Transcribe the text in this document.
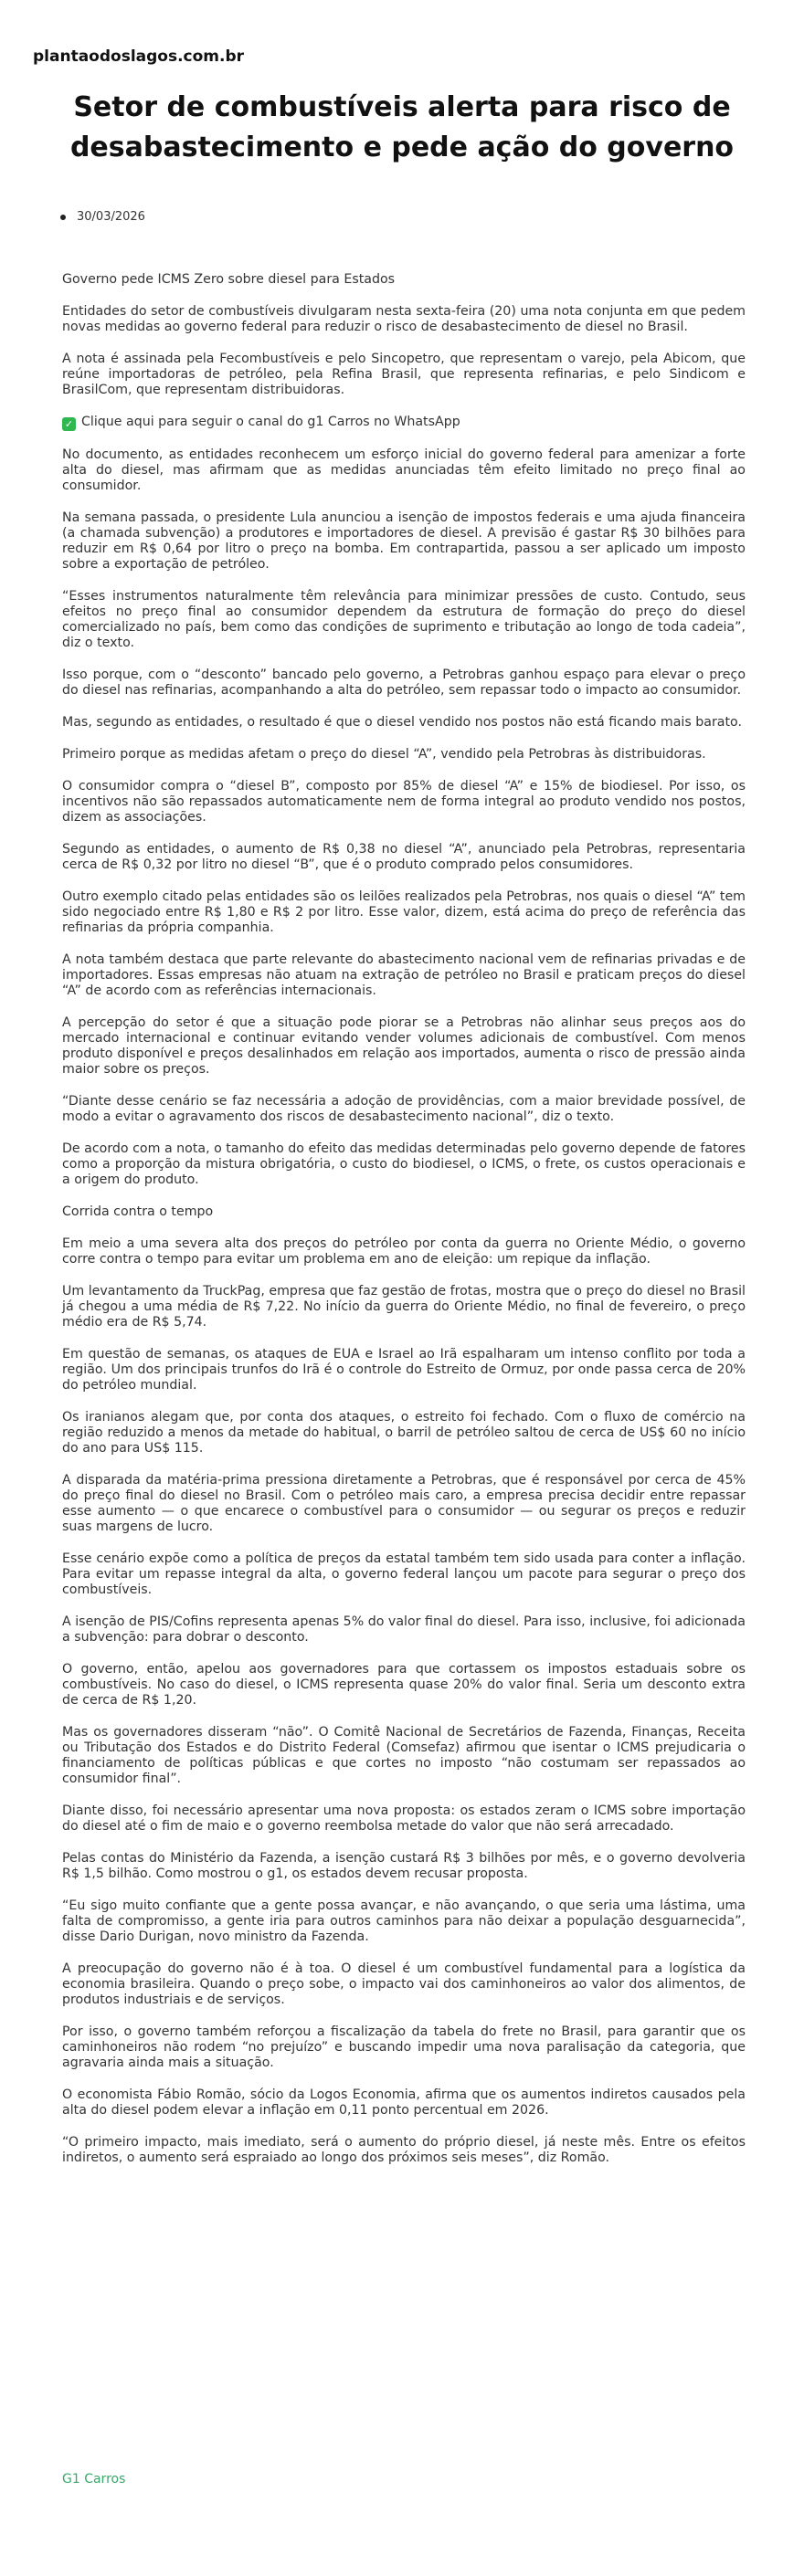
plantaodoslagos.com.br
Setor de combustíveis alerta para risco de desabastecimento e pede ação do governo
30/03/2026

Governo pede ICMS Zero sobre diesel para Estados

Entidades do setor de combustíveis divulgaram nesta sexta-feira (20) uma nota conjunta em que pedem novas medidas ao governo federal para reduzir o risco de desabastecimento de diesel no Brasil.

A nota é assinada pela Fecombustíveis e pelo Sincopetro, que representam o varejo, pela Abicom, que reúne importadoras de petróleo, pela Refina Brasil, que representa refinarias, e pelo Sindicom e BrasilCom, que representam distribuidoras.

✓ Clique aqui para seguir o canal do g1 Carros no WhatsApp

No documento, as entidades reconhecem um esforço inicial do governo federal para amenizar a forte alta do diesel, mas afirmam que as medidas anunciadas têm efeito limitado no preço final ao consumidor.

Na semana passada, o presidente Lula anunciou a isenção de impostos federais e uma ajuda financeira (a chamada subvenção) a produtores e importadores de diesel. A previsão é gastar R$ 30 bilhões para reduzir em R$ 0,64 por litro o preço na bomba. Em contrapartida, passou a ser aplicado um imposto sobre a exportação de petróleo.

“Esses instrumentos naturalmente têm relevância para minimizar pressões de custo. Contudo, seus efeitos no preço final ao consumidor dependem da estrutura de formação do preço do diesel comercializado no país, bem como das condições de suprimento e tributação ao longo de toda cadeia”, diz o texto.

Isso porque, com o “desconto” bancado pelo governo, a Petrobras ganhou espaço para elevar o preço do diesel nas refinarias, acompanhando a alta do petróleo, sem repassar todo o impacto ao consumidor.

Mas, segundo as entidades, o resultado é que o diesel vendido nos postos não está ficando mais barato.

Primeiro porque as medidas afetam o preço do diesel “A”, vendido pela Petrobras às distribuidoras.

O consumidor compra o “diesel B”, composto por 85% de diesel “A” e 15% de biodiesel. Por isso, os incentivos não são repassados automaticamente nem de forma integral ao produto vendido nos postos, dizem as associações.

Segundo as entidades, o aumento de R$ 0,38 no diesel “A”, anunciado pela Petrobras, representaria cerca de R$ 0,32 por litro no diesel “B”, que é o produto comprado pelos consumidores.

Outro exemplo citado pelas entidades são os leilões realizados pela Petrobras, nos quais o diesel “A” tem sido negociado entre R$ 1,80 e R$ 2 por litro. Esse valor, dizem, está acima do preço de referência das refinarias da própria companhia.

A nota também destaca que parte relevante do abastecimento nacional vem de refinarias privadas e de importadores. Essas empresas não atuam na extração de petróleo no Brasil e praticam preços do diesel “A” de acordo com as referências internacionais.

A percepção do setor é que a situação pode piorar se a Petrobras não alinhar seus preços aos do mercado internacional e continuar evitando vender volumes adicionais de combustível. Com menos produto disponível e preços desalinhados em relação aos importados, aumenta o risco de pressão ainda maior sobre os preços.

“Diante desse cenário se faz necessária a adoção de providências, com a maior brevidade possível, de modo a evitar o agravamento dos riscos de desabastecimento nacional”, diz o texto.

De acordo com a nota, o tamanho do efeito das medidas determinadas pelo governo depende de fatores como a proporção da mistura obrigatória, o custo do biodiesel, o ICMS, o frete, os custos operacionais e a origem do produto.

Corrida contra o tempo

Em meio a uma severa alta dos preços do petróleo por conta da guerra no Oriente Médio, o governo corre contra o tempo para evitar um problema em ano de eleição: um repique da inflação.

Um levantamento da TruckPag, empresa que faz gestão de frotas, mostra que o preço do diesel no Brasil já chegou a uma média de R$ 7,22. No início da guerra do Oriente Médio, no final de fevereiro, o preço médio era de R$ 5,74.

Em questão de semanas, os ataques de EUA e Israel ao Irã espalharam um intenso conflito por toda a região. Um dos principais trunfos do Irã é o controle do Estreito de Ormuz, por onde passa cerca de 20% do petróleo mundial.

Os iranianos alegam que, por conta dos ataques, o estreito foi fechado. Com o fluxo de comércio na região reduzido a menos da metade do habitual, o barril de petróleo saltou de cerca de US$ 60 no início do ano para US$ 115.

A disparada da matéria-prima pressiona diretamente a Petrobras, que é responsável por cerca de 45% do preço final do diesel no Brasil. Com o petróleo mais caro, a empresa precisa decidir entre repassar esse aumento — o que encarece o combustível para o consumidor — ou segurar os preços e reduzir suas margens de lucro.

Esse cenário expõe como a política de preços da estatal também tem sido usada para conter a inflação. Para evitar um repasse integral da alta, o governo federal lançou um pacote para segurar o preço dos combustíveis.

A isenção de PIS/Cofins representa apenas 5% do valor final do diesel. Para isso, inclusive, foi adicionada a subvenção: para dobrar o desconto.

O governo, então, apelou aos governadores para que cortassem os impostos estaduais sobre os combustíveis. No caso do diesel, o ICMS representa quase 20% do valor final. Seria um desconto extra de cerca de R$ 1,20.

Mas os governadores disseram “não”. O Comitê Nacional de Secretários de Fazenda, Finanças, Receita ou Tributação dos Estados e do Distrito Federal (Comsefaz) afirmou que isentar o ICMS prejudicaria o financiamento de políticas públicas e que cortes no imposto “não costumam ser repassados ao consumidor final”.

Diante disso, foi necessário apresentar uma nova proposta: os estados zeram o ICMS sobre importação do diesel até o fim de maio e o governo reembolsa metade do valor que não será arrecadado.

Pelas contas do Ministério da Fazenda, a isenção custará R$ 3 bilhões por mês, e o governo devolveria R$ 1,5 bilhão. Como mostrou o g1, os estados devem recusar proposta.

“Eu sigo muito confiante que a gente possa avançar, e não avançando, o que seria uma lástima, uma falta de compromisso, a gente iria para outros caminhos para não deixar a população desguarnecida”, disse Dario Durigan, novo ministro da Fazenda.

A preocupação do governo não é à toa. O diesel é um combustível fundamental para a logística da economia brasileira. Quando o preço sobe, o impacto vai dos caminhoneiros ao valor dos alimentos, de produtos industriais e de serviços.

Por isso, o governo também reforçou a fiscalização da tabela do frete no Brasil, para garantir que os caminhoneiros não rodem “no prejuízo” e buscando impedir uma nova paralisação da categoria, que agravaria ainda mais a situação.

O economista Fábio Romão, sócio da Logos Economia, afirma que os aumentos indiretos causados pela alta do diesel podem elevar a inflação em 0,11 ponto percentual em 2026.

“O primeiro impacto, mais imediato, será o aumento do próprio diesel, já neste mês. Entre os efeitos indiretos, o aumento será espraiado ao longo dos próximos seis meses”, diz Romão.

G1 Carros
